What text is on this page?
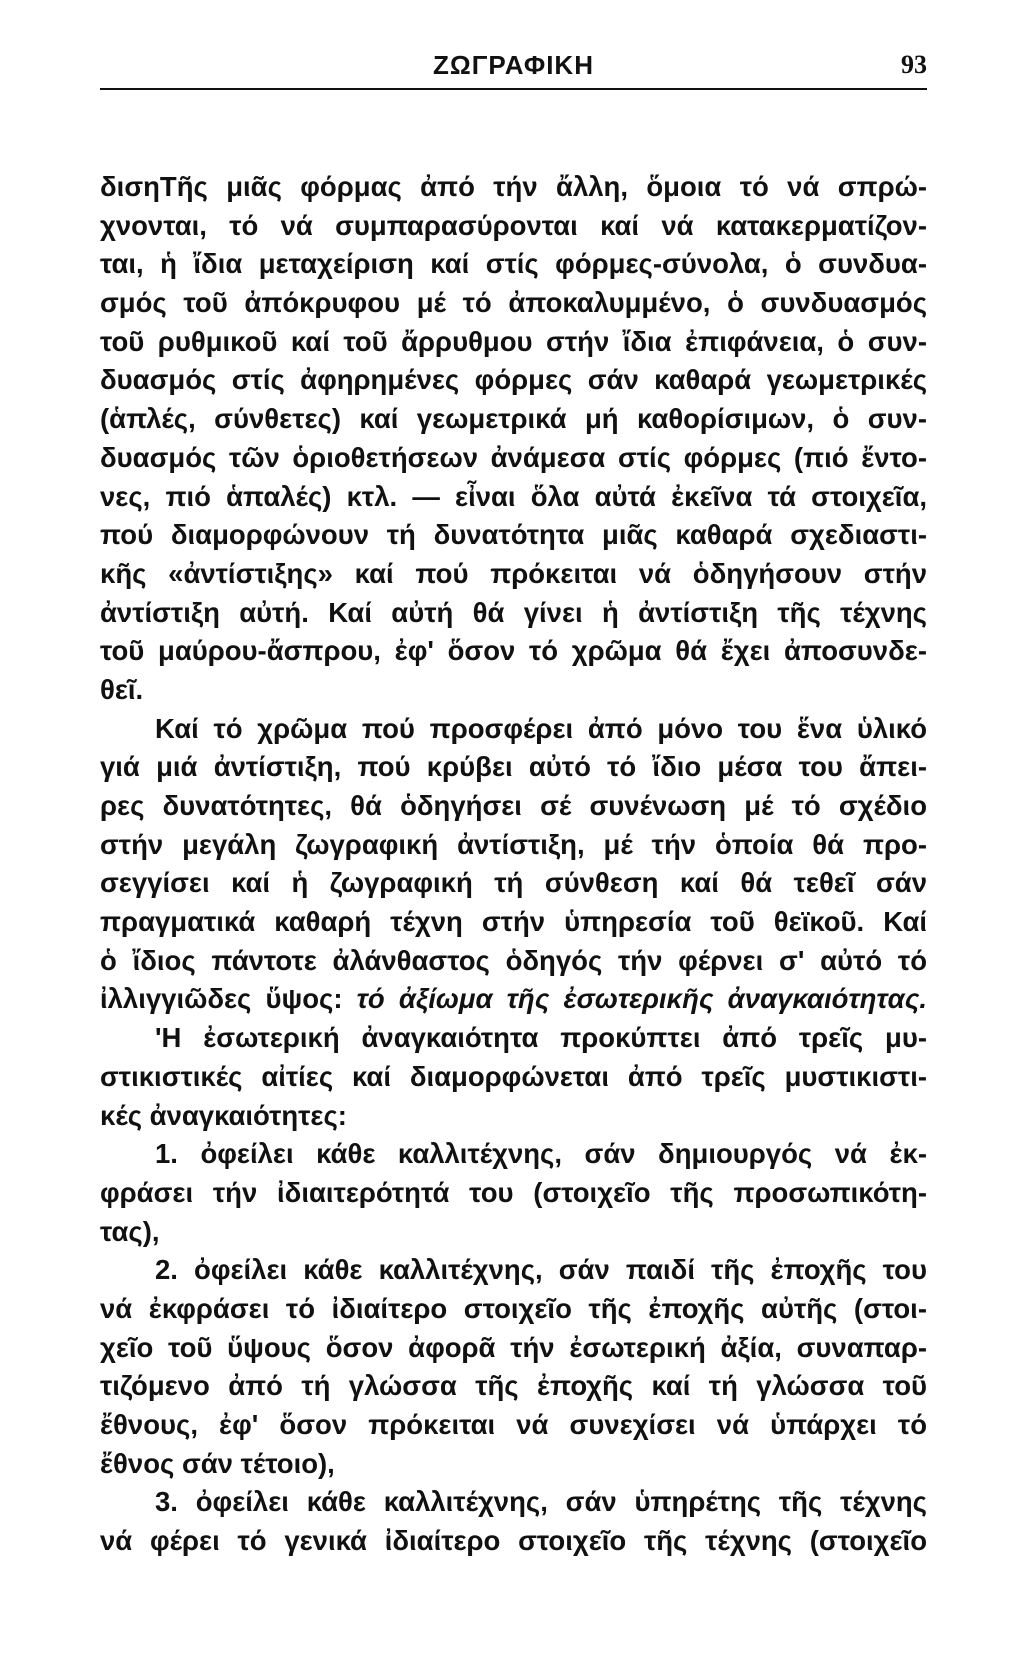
ΖΩΓΡΑΦΙΚΗ	93
δισηΤῆς μιᾶς φόρμας ἀπό τήν ἄλλη, ὅμοια τό νά σπρώ-
χνονται, τό νά συμπαρασύρονται καί νά κατακερματίζον-
ται, ἡ ἴδια μεταχείριση καί στίς φόρμες-σύνολα, ὁ συνδυα-
σμός τοῦ ἀπόκρυφου μέ τό ἀποκαλυμμένο, ὁ συνδυασμός
τοῦ ρυθμικοῦ καί τοῦ ἄρρυθμου στήν ἴδια ἐπιφάνεια, ὁ συν-
δυασμός στίς ἀφηρημένες φόρμες σάν καθαρά γεωμετρικές
(ἁπλές, σύνθετες) καί γεωμετρικά μή καθορίσιμων, ὁ συν-
δυασμός τῶν ὁριοθετήσεων ἀνάμεσα στίς φόρμες (πιό ἔντο-
νες, πιό ἁπαλές) κτλ. — εἶναι ὅλα αὐτά ἐκεῖνα τά στοιχεῖα,
πού διαμορφώνουν τή δυνατότητα μιᾶς καθαρά σχεδιαστι-
κῆς «ἀντίστιξης» καί πού πρόκειται νά ὁδηγήσουν στήν
ἀντίστιξη αὐτή. Καί αὐτή θά γίνει ἡ ἀντίστιξη τῆς τέχνης
τοῦ μαύρου-ἄσπρου, ἐφ' ὅσον τό χρῶμα θά ἔχει ἀποσυνδε-
θεῖ.
Καί τό χρῶμα πού προσφέρει ἀπό μόνο του ἕνα ὑλικό
γιά μιά ἀντίστιξη, πού κρύβει αὐτό τό ἴδιο μέσα του ἄπει-
ρες δυνατότητες, θά ὁδηγήσει σέ συνένωση μέ τό σχέδιο
στήν μεγάλη ζωγραφική ἀντίστιξη, μέ τήν ὁποία θά προ-
σεγγίσει καί ἡ ζωγραφική τή σύνθεση καί θά τεθεῖ σάν
πραγματικά καθαρή τέχνη στήν ὑπηρεσία τοῦ θεϊκοῦ. Καί
ὁ ἴδιος πάντοτε ἀλάνθαστος ὁδηγός τήν φέρνει σ' αὐτό τό
ἰλλιγγιῶδες ὕψος: τό ἀξίωμα τῆς ἐσωτερικῆς ἀναγκαιότητας.
'Η ἐσωτερική ἀναγκαιότητα προκύπτει ἀπό τρεῖς μυ-
στικιστικές αἰτίες καί διαμορφώνεται ἀπό τρεῖς μυστικιστι-
κές ἀναγκαιότητες:
1. ὀφείλει κάθε καλλιτέχνης, σάν δημιουργός νά ἐκ-
φράσει τήν ἰδιαιτερότητά του (στοιχεῖο τῆς προσωπικότη-
τας),
2. ὀφείλει κάθε καλλιτέχνης, σάν παιδί τῆς ἐποχῆς του
νά ἐκφράσει τό ἰδιαίτερο στοιχεῖο τῆς ἐποχῆς αὐτῆς (στοι-
χεῖο τοῦ ὕψους ὅσον ἀφορᾶ τήν ἐσωτερική ἀξία, συναπαρ-
τιζόμενο ἀπό τή γλώσσα τῆς ἐποχῆς καί τή γλώσσα τοῦ
ἔθνους, ἐφ' ὅσον πρόκειται νά συνεχίσει νά ὑπάρχει τό
ἔθνος σάν τέτοιο),
3. ὀφείλει κάθε καλλιτέχνης, σάν ὑπηρέτης τῆς τέχνης
νά φέρει τό γενικά ἰδιαίτερο στοιχεῖο τῆς τέχνης (στοιχεῖο
